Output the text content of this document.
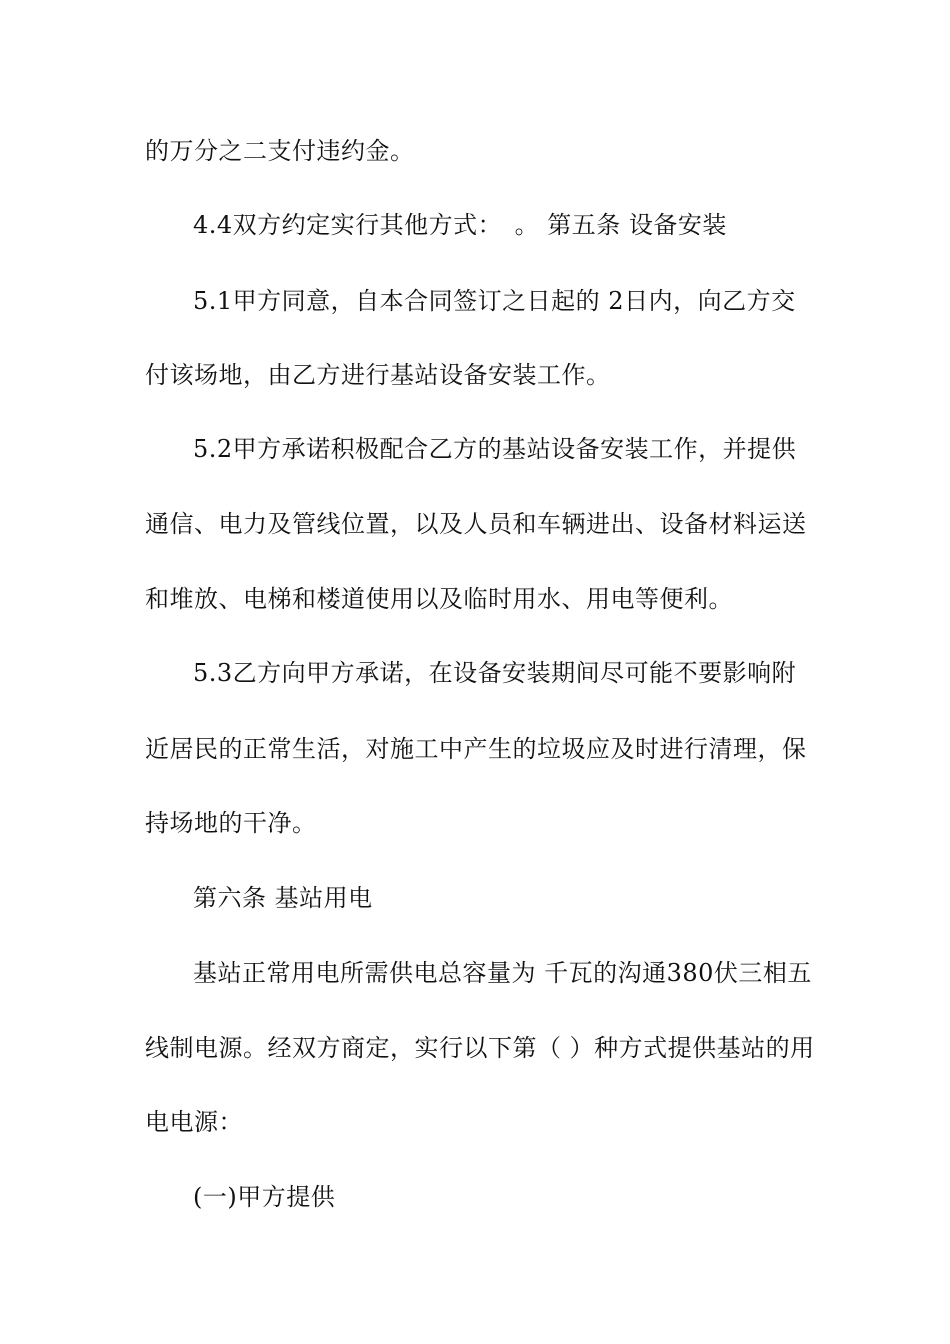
的万分之二支付违约金。
4.4双方约定实行其他方式：　。 第五条 设备安装
5.1甲方同意，自本合同签订之日起的 2日内，向乙方交
付该场地，由乙方进行基站设备安装工作。
5.2甲方承诺积极配合乙方的基站设备安装工作，并提供
通信、电力及管线位置，以及人员和车辆进出、设备材料运送
和堆放、电梯和楼道使用以及临时用水、用电等便利。
5.3乙方向甲方承诺，在设备安装期间尽可能不要影响附
近居民的正常生活，对施工中产生的垃圾应及时进行清理，保
持场地的干净。
第六条 基站用电
基站正常用电所需供电总容量为 千瓦的沟通380伏三相五
线制电源。经双方商定，实行以下第（ ）种方式提供基站的用
电电源：
(一)甲方提供
